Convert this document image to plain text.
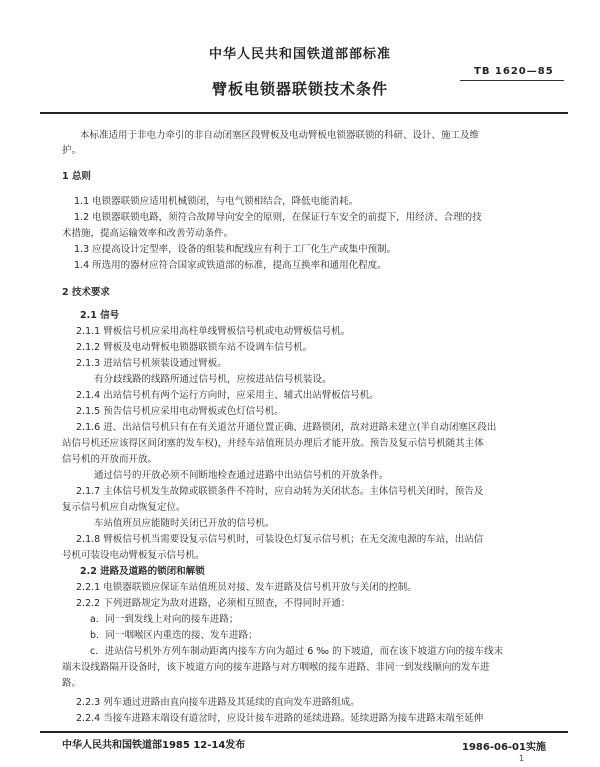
中华人民共和国铁道部部标准
TB 1620—85
臂板电锁器联锁技术条件
本标准适用于非电力牵引的非自动闭塞区段臂板及电动臂板电锁器联锁的科研、设计、施工及维
护。
1 总则
1.1 电锁器联锁应适用机械锁闭，与电气锁相结合，降低电能消耗。
1.2 电锁器联锁电路，须符合故障导向安全的原则，在保证行车安全的前提下，用经济、合理的技
术措施，提高运输效率和改善劳动条件。
1.3 应提高设计定型率，设备的组装和配线应有利于工厂化生产或集中预制。
1.4 所选用的器材应符合国家或铁道部的标准，提高互换率和通用化程度。
2 技术要求
2.1 信号
2.1.1 臂板信号机应采用高柱单线臂板信号机或电动臂板信号机。
2.1.2 臂板及电动臂板电锁器联锁车站不设调车信号机。
2.1.3 进站信号机须装设通过臂板。
有分歧线路的线路所通过信号机，应按进站信号机装设。
2.1.4 出站信号机有两个运行方向时，应采用主、辅式出站臂板信号机。
2.1.5 预告信号机应采用电动臂板或色灯信号机。
2.1.6 进、出站信号机只有在有关道岔开通位置正确、进路锁闭，敌对进路未建立(半自动闭塞区段出
站信号机还应该得区间闭塞的发车权)，并经车站值班员办理后才能开放。预告及复示信号机随其主体
信号机的开放而开放。
通过信号的开放必须不间断地检查通过进路中出站信号机的开放条件。
2.1.7 主体信号机发生故障或联锁条件不符时，应自动转为关闭状态。主体信号机关闭时，预告及
复示信号机应自动恢复定位。
车站值班员应能随时关闭已开放的信号机。
2.1.8 臂板信号机当需要设复示信号机时，可装设色灯复示信号机；在无交流电源的车站，出站信
号机可装设电动臂板复示信号机。
2.2 进路及道路的锁闭和解锁
2.2.1 电锁器联锁应保证车站值班员对接、发车进路及信号机开放与关闭的控制。
2.2.2 下列进路规定为敌对进路，必须相互照查，不得同时开通：
a．同一到发线上对向的接车进路；
b．同一咽喉区内重迭的接、发车进路；
c．进站信号机外方列车制动距离内接车方向为超过 6 ‰ 的下坡道，而在该下坡道方向的接车线末
端未设线路隔开设备时，该下坡道方向的接车进路与对方咽喉的接车进路、非同一到发线顺向的发车进
路。
2.2.3 列车通过进路由直向接车进路及其延续的直向发车进路组成。
2.2.4 当接车进路末端设有道岔时，应设计接车进路的延续进路。延续进路为接车进路末端至延伸
中华人民共和国铁道部1985 12-14发布	1986-06-01实施
1
